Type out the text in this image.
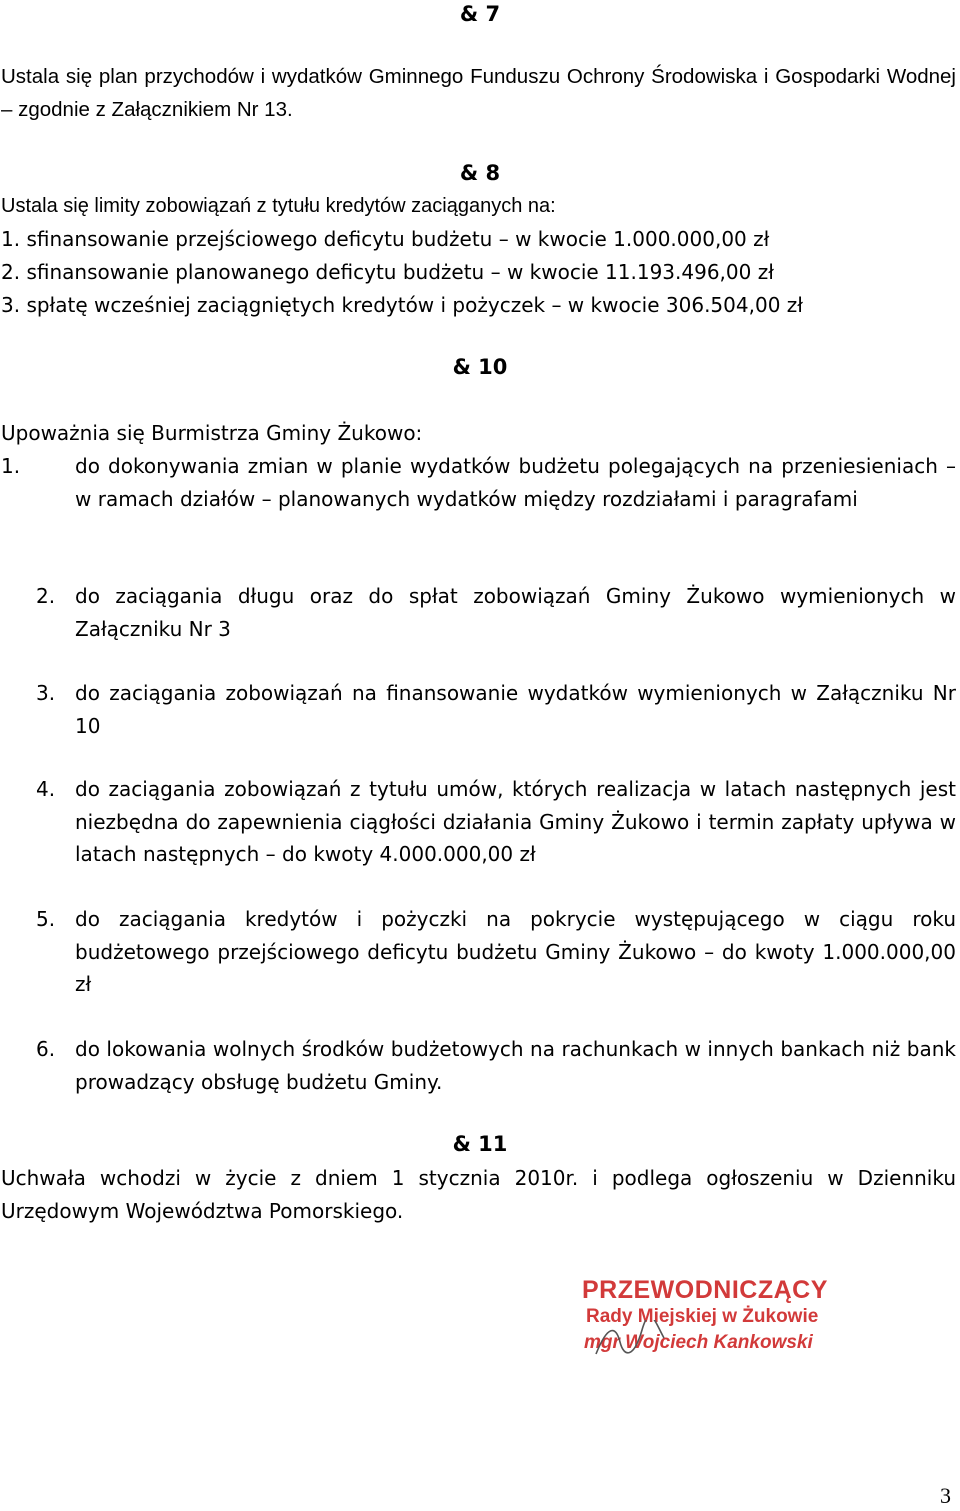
& 7

Ustala się plan przychodów i wydatków Gminnego Funduszu Ochrony Środowiska i Gospodarki Wodnej – zgodnie z Załącznikiem Nr 13.

& 8

Ustala się limity zobowiązań z tytułu kredytów zaciąganych na:

1. sfinansowanie przejściowego deficytu budżetu – w kwocie 1.000.000,00 zł

2. sfinansowanie planowanego deficytu budżetu – w kwocie 11.193.496,00 zł

3. spłatę wcześniej zaciągniętych kredytów i pożyczek – w kwocie 306.504,00 zł

& 10

Upoważnia się Burmistrza Gminy Żukowo:

1.	do dokonywania zmian w planie wydatków budżetu polegających na przeniesieniach – w ramach działów – planowanych wydatków między rozdziałami i paragrafami
2. do zaciągania długu oraz do spłat zobowiązań Gminy Żukowo wymienionych w Załączniku Nr 3
3. do zaciągania zobowiązań na finansowanie wydatków wymienionych w Załączniku Nr 10
4. do zaciągania zobowiązań z tytułu umów, których realizacja w latach następnych jest niezbędna do zapewnienia ciągłości działania Gminy Żukowo i termin zapłaty upływa w latach następnych – do kwoty 4.000.000,00 zł
5. do zaciągania kredytów i pożyczki na pokrycie występującego w ciągu roku budżetowego przejściowego deficytu budżetu Gminy Żukowo – do kwoty 1.000.000,00 zł
6. do lokowania wolnych środków budżetowych na rachunkach w innych bankach niż bank prowadzący obsługę budżetu Gminy.
& 11

Uchwała wchodzi w życie z dniem 1 stycznia 2010r. i podlega ogłoszeniu w Dzienniku Urzędowym Województwa Pomorskiego.

PRZEWODNICZĄCY
Rady Miejskiej w Żukowie
mgr Wojciech Kankowski
3
